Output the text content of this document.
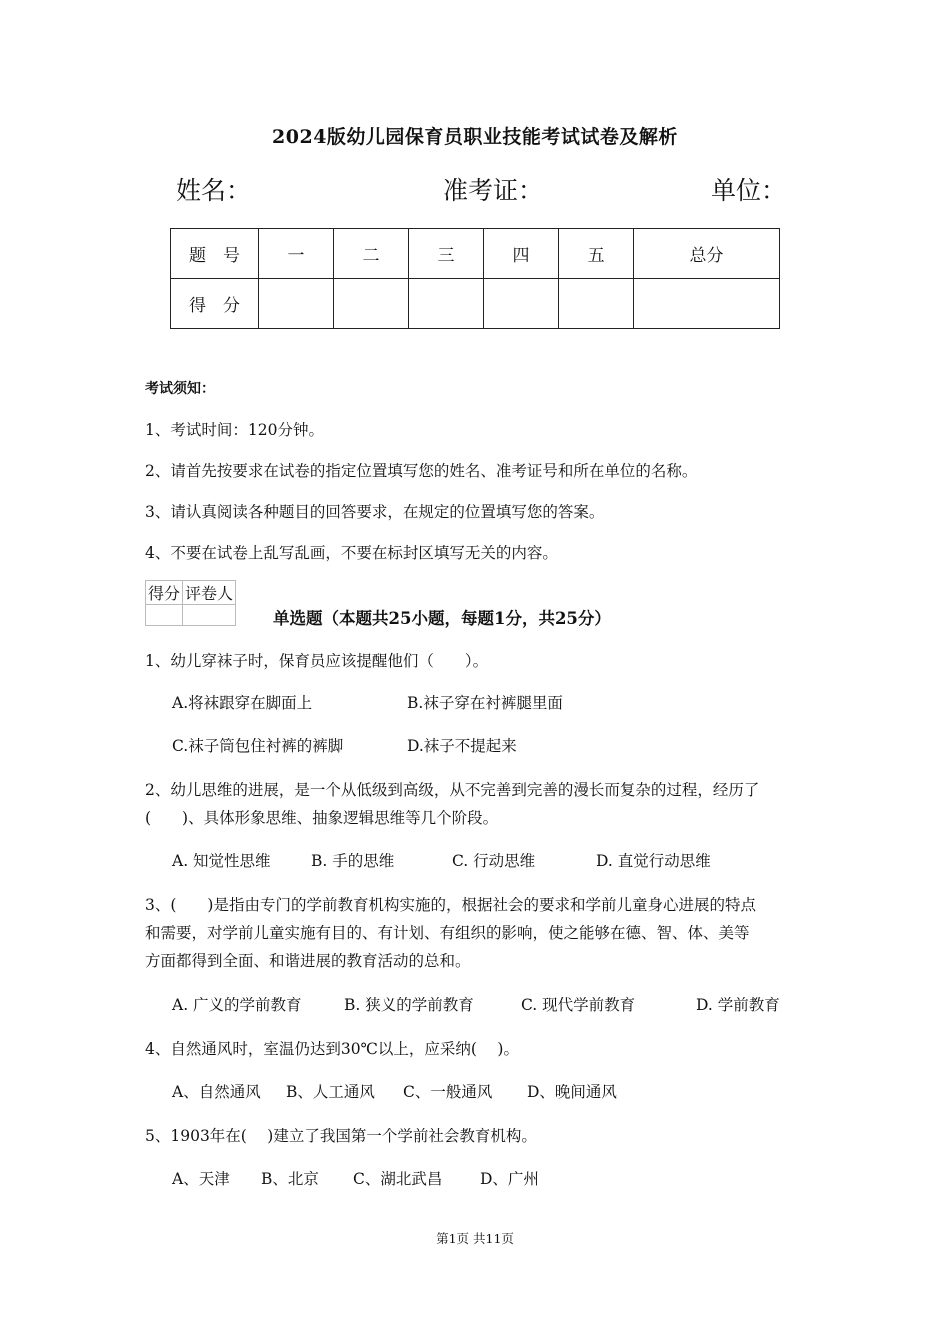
2024版幼儿园保育员职业技能考试试卷及解析
姓名：	准考证：	单位：
题　号	一	二	三	四	五	总分
得　分						
考试须知：
1、考试时间：120分钟。
2、请首先按要求在试卷的指定位置填写您的姓名、准考证号和所在单位的名称。
3、请认真阅读各种题目的回答要求，在规定的位置填写您的答案。
4、不要在试卷上乱写乱画，不要在标封区填写无关的内容。
得分	评卷人

单选题（本题共25小题，每题1分，共25分）
1、幼儿穿袜子时，保育员应该提醒他们（　　）。
A.将袜跟穿在脚面上	B.袜子穿在衬裤腿里面
C.袜子筒包住衬裤的裤脚	D.袜子不提起来
2、幼儿思维的进展，是一个从低级到高级，从不完善到完善的漫长而复杂的过程，经历了
(　　)、具体形象思维、抽象逻辑思维等几个阶段。
A. 知觉性思维	B. 手的思维	C. 行动思维	D. 直觉行动思维
3、(　　)是指由专门的学前教育机构实施的，根据社会的要求和学前儿童身心进展的特点
和需要，对学前儿童实施有目的、有计划、有组织的影响，使之能够在德、智、体、美等
方面都得到全面、和谐进展的教育活动的总和。
A. 广义的学前教育	B. 狭义的学前教育	C. 现代学前教育	D. 学前教育
4、自然通风时，室温仍达到30℃以上，应采纳(　 )。
A、自然通风 B、人工通风 C、一般通风 D、晚间通风
5、1903年在(　 )建立了我国第一个学前社会教育机构。
A、天津 B、北京 C、湖北武昌 D、广州
第1页 共11页
